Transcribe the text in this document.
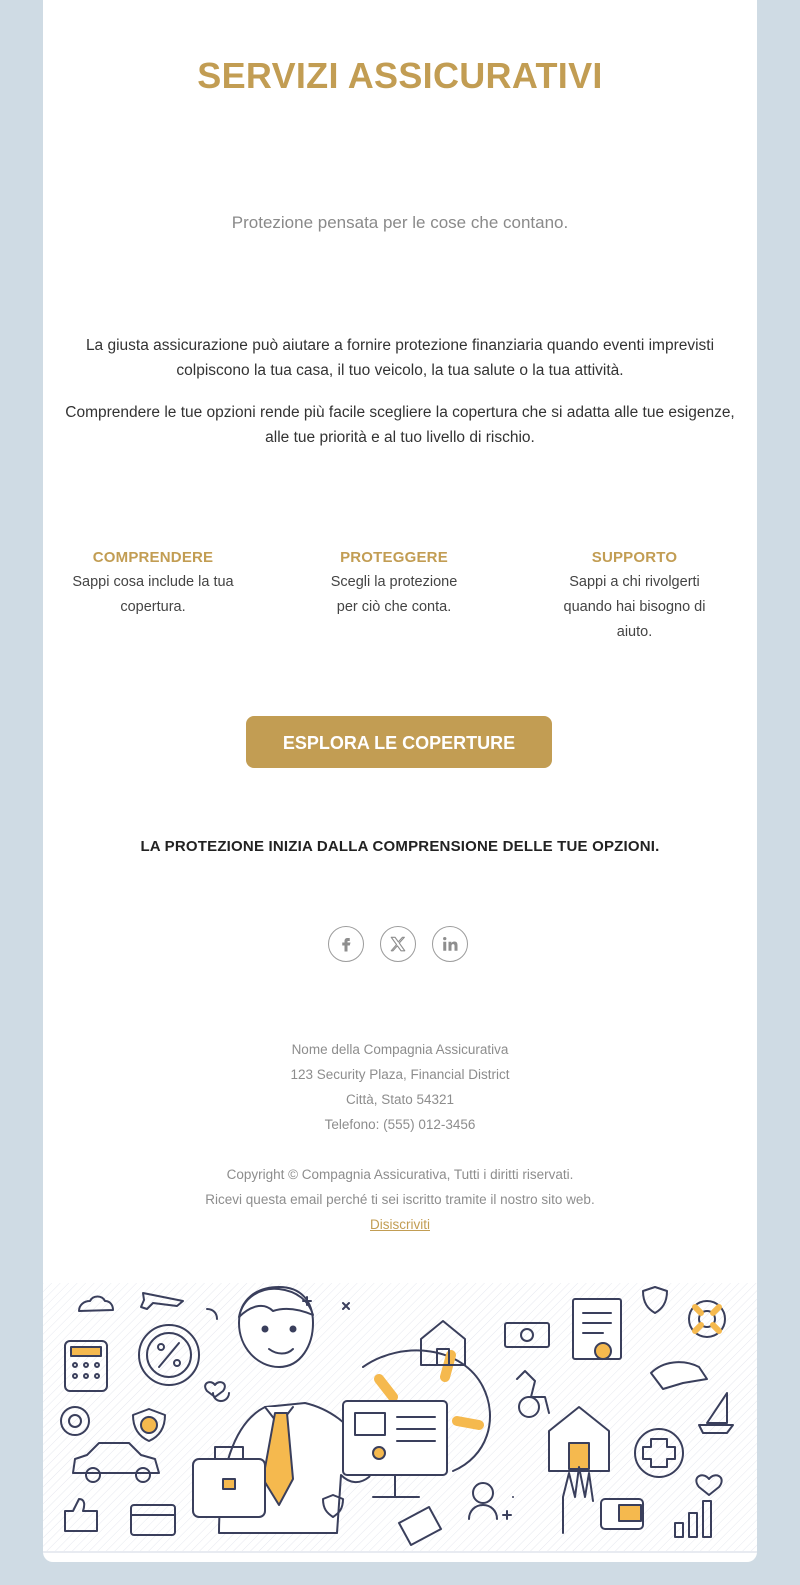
SERVIZI ASSICURATIVI
Protezione pensata per le cose che contano.
La giusta assicurazione può aiutare a fornire protezione finanziaria quando eventi imprevisti colpiscono la tua casa, il tuo veicolo, la tua salute o la tua attività.
Comprendere le tue opzioni rende più facile scegliere la copertura che si adatta alle tue esigenze, alle tue priorità e al tuo livello di rischio.
COMPRENDERE
Sappi cosa include la tua copertura.
PROTEGGERE
Scegli la protezione per ciò che conta.
SUPPORTO
Sappi a chi rivolgerti quando hai bisogno di aiuto.
ESPLORA LE COPERTURE
LA PROTEZIONE INIZIA DALLA COMPRENSIONE DELLE TUE OPZIONI.
Nome della Compagnia Assicurativa
123 Security Plaza, Financial District
Città, Stato 54321
Telefono: (555) 012-3456
Copyright © Compagnia Assicurativa, Tutti i diritti riservati.
Ricevi questa email perché ti sei iscritto tramite il nostro sito web.
Disiscriviti
